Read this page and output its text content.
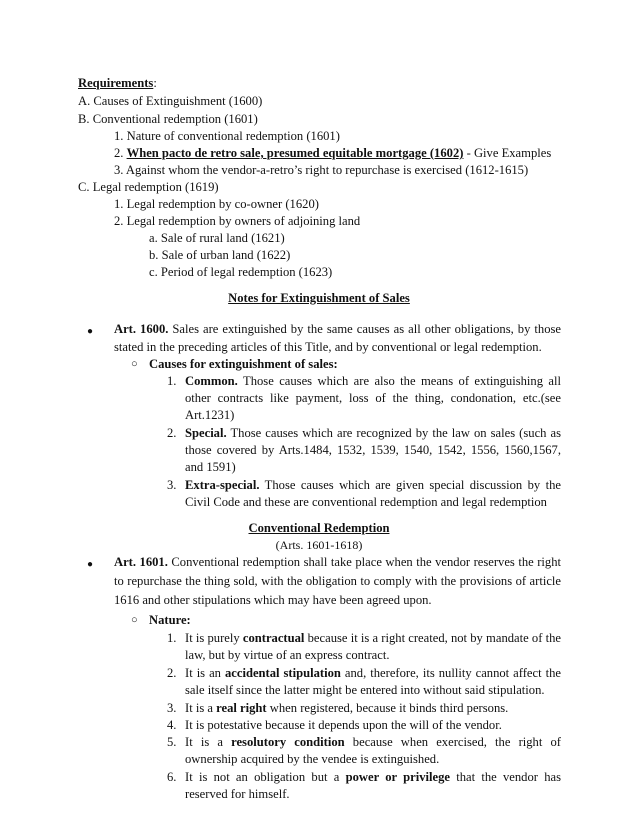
Requirements:
A. Causes of Extinguishment (1600)
B. Conventional redemption (1601)
1. Nature of conventional redemption (1601)
2. When pacto de retro sale, presumed equitable mortgage (1602) - Give Examples
3. Against whom the vendor-a-retro’s right to repurchase is exercised (1612-1615)
C. Legal redemption (1619)
1. Legal redemption by co-owner (1620)
2. Legal redemption by owners of adjoining land
a. Sale of rural land (1621)
b. Sale of urban land (1622)
c. Period of legal redemption (1623)
Notes for Extinguishment of Sales
● Art. 1600. Sales are extinguished by the same causes as all other obligations, by those
stated in the preceding articles of this Title, and by conventional or legal redemption.
○ Causes for extinguishment of sales:
1. Common. Those causes which are also the means of extinguishing all
other contracts like payment, loss of the thing, condonation, etc.(see
Art.1231)
2. Special. Those causes which are recognized by the law on sales (such as
those covered by Arts.1484, 1532, 1539, 1540, 1542, 1556, 1560,1567,
and 1591)
3. Extra-special. Those causes which are given special discussion by the
Civil Code and these are conventional redemption and legal redemption
Conventional Redemption
(Arts. 1601-1618)
● Art. 1601. Conventional redemption shall take place when the vendor reserves the right
to repurchase the thing sold, with the obligation to comply with the provisions of article
1616 and other stipulations which may have been agreed upon.
○ Nature:
1. It is purely contractual because it is a right created, not by mandate of the
law, but by virtue of an express contract.
2. It is an accidental stipulation and, therefore, its nullity cannot affect the
sale itself since the latter might be entered into without said stipulation.
3. It is a real right when registered, because it binds third persons.
4. It is potestative because it depends upon the will of the vendor.
5. It is a resolutory condition because when exercised, the right of
ownership acquired by the vendee is extinguished.
6. It is not an obligation but a power or privilege that the vendor has
reserved for himself.
